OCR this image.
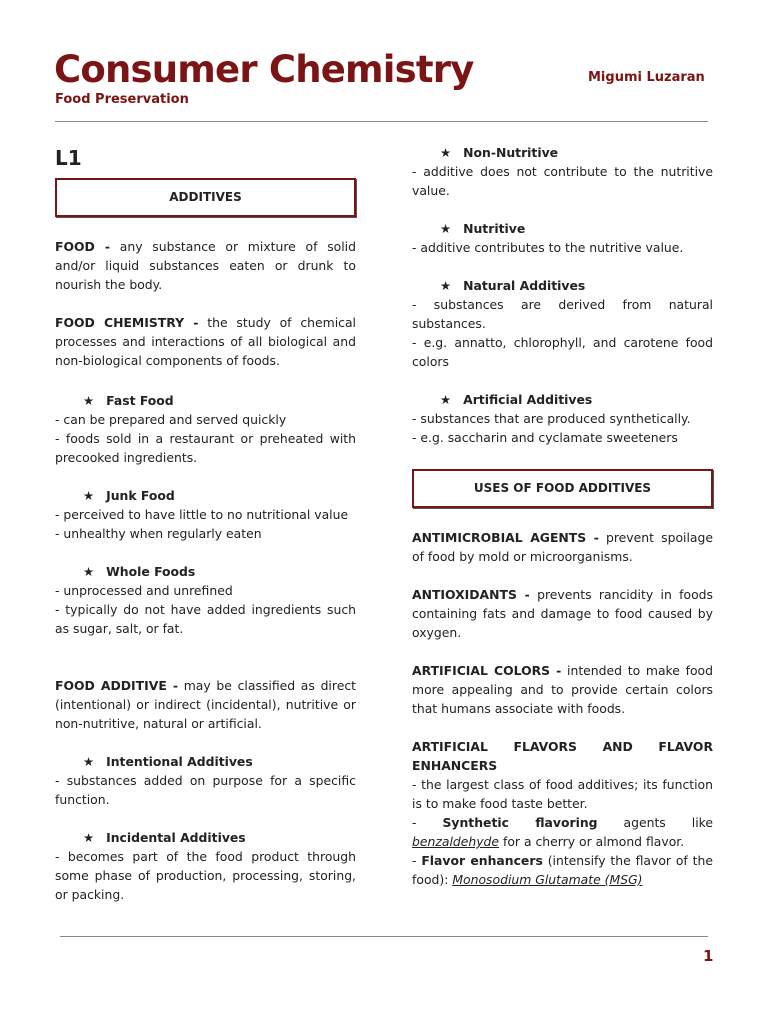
Consumer Chemistry
Food Preservation
Migumi Luzaran

L1

ADDITIVES

FOOD - any substance or mixture of solid and/or liquid substances eaten or drunk to nourish the body.

FOOD CHEMISTRY - the study of chemical processes and interactions of all biological and non-biological components of foods.

★ Fast Food

- can be prepared and served quickly

- foods sold in a restaurant or preheated with precooked ingredients.

★ Junk Food

- perceived to have little to no nutritional value

- unhealthy when regularly eaten

★ Whole Foods

- unprocessed and unrefined

- typically do not have added ingredients such as sugar, salt, or fat.

FOOD ADDITIVE - may be classified as direct (intentional) or indirect (incidental), nutritive or non-nutritive, natural or artificial.

★ Intentional Additives

- substances added on purpose for a specific function.

★ Incidental Additives

- becomes part of the food product through some phase of production, processing, storing, or packing.

★ Non-Nutritive

- additive does not contribute to the nutritive value.

★ Nutritive

- additive contributes to the nutritive value.

★ Natural Additives

- substances are derived from natural substances.

- e.g. annatto, chlorophyll, and carotene food colors

★ Artificial Additives

- substances that are produced synthetically.

- e.g. saccharin and cyclamate sweeteners

USES OF FOOD ADDITIVES

ANTIMICROBIAL AGENTS - prevent spoilage of food by mold or microorganisms.

ANTIOXIDANTS - prevents rancidity in foods containing fats and damage to food caused by oxygen.

ARTIFICIAL COLORS - intended to make food more appealing and to provide certain colors that humans associate with foods.

ARTIFICIAL FLAVORS AND FLAVOR ENHANCERS

- the largest class of food additives; its function is to make food taste better.

- Synthetic flavoring agents like benzaldehyde for a cherry or almond flavor.

- Flavor enhancers (intensify the flavor of the food): Monosodium Glutamate (MSG)

1
